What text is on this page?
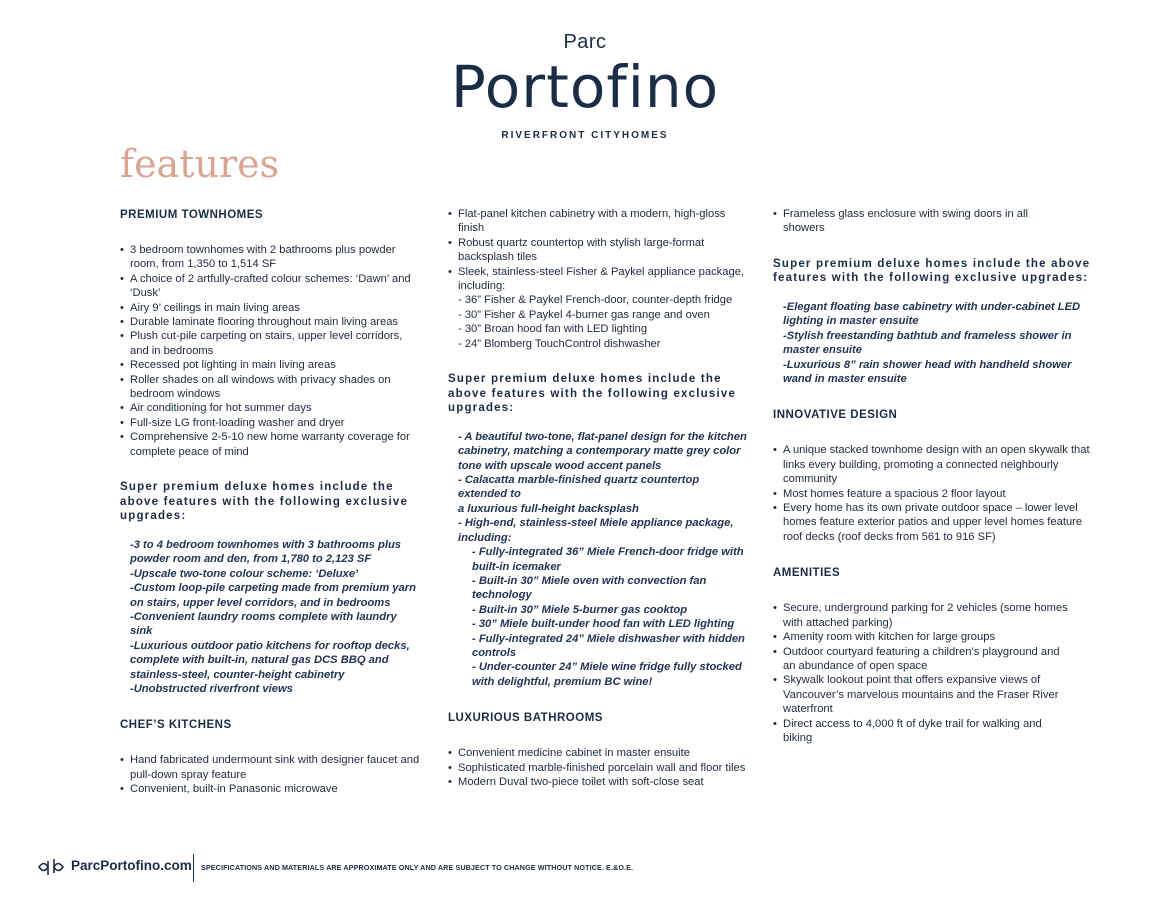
Parc
Portofino
RIVERFRONT CITYHOMES
features
PREMIUM TOWNHOMES
• 3 bedroom townhomes with 2 bathrooms plus powder room, from 1,350 to 1,514 SF
• A choice of 2 artfully-crafted colour schemes: ‘Dawn’ and ‘Dusk’
• Airy 9’ ceilings in main living areas
• Durable laminate flooring throughout main living areas
• Plush cut-pile carpeting on stairs, upper level corridors, and in bedrooms
• Recessed pot lighting in main living areas
• Roller shades on all windows with privacy shades on bedroom windows
• Air conditioning for hot summer days
• Full-size LG front-loading washer and dryer
• Comprehensive 2-5-10 new home warranty coverage for complete peace of mind
Super premium deluxe homes include the above features with the following exclusive upgrades:
-3 to 4 bedroom townhomes with 3 bathrooms plus powder room and den, from 1,780 to 2,123 SF
-Upscale two-tone colour scheme: ‘Deluxe’
-Custom loop-pile carpeting made from premium yarn on stairs, upper level corridors, and in bedrooms
-Convenient laundry rooms complete with laundry sink
-Luxurious outdoor patio kitchens for rooftop decks, complete with built-in, natural gas DCS BBQ and stainless-steel, counter-height cabinetry
-Unobstructed riverfront views
CHEF’S KITCHENS
• Hand fabricated undermount sink with designer faucet and pull-down spray feature
• Convenient, built-in Panasonic microwave
• Flat-panel kitchen cabinetry with a modern, high-gloss finish
• Robust quartz countertop with stylish large-format backsplash tiles
• Sleek, stainless-steel Fisher & Paykel appliance package, including:
- 36” Fisher & Paykel French-door, counter-depth fridge
- 30” Fisher & Paykel 4-burner gas range and oven
- 30” Broan hood fan with LED lighting
- 24” Blomberg TouchControl dishwasher
Super premium deluxe homes include the above features with the following exclusive upgrades:
- A beautiful two-tone, flat-panel design for the kitchen cabinetry, matching a contemporary matte grey color tone with upscale wood accent panels
- Calacatta marble-finished quartz countertop extended to
a luxurious full-height backsplash
- High-end, stainless-steel Miele appliance package, including:
- Fully-integrated 36” Miele French-door fridge with built-in icemaker
- Built-in 30” Miele oven with convection fan technology
- Built-in 30” Miele 5-burner gas cooktop
- 30” Miele built-under hood fan with LED lighting
- Fully-integrated 24” Miele dishwasher with hidden controls
- Under-counter 24” Miele wine fridge fully stocked with delightful, premium BC wine!
LUXURIOUS BATHROOMS
• Convenient medicine cabinet in master ensuite
• Sophisticated marble-finished porcelain wall and floor tiles
• Modern Duval two-piece toilet with soft-close seat
• Frameless glass enclosure with swing doors in all showers
Super premium deluxe homes include the above features with the following exclusive upgrades:
-Elegant floating base cabinetry with under-cabinet LED lighting in master ensuite
-Stylish freestanding bathtub and frameless shower in master ensuite
-Luxurious 8” rain shower head with handheld shower wand in master ensuite
INNOVATIVE DESIGN
• A unique stacked townhome design with an open skywalk that links every building, promoting a connected neighbourly community
• Most homes feature a spacious 2 floor layout
• Every home has its own private outdoor space – lower level homes feature exterior patios and upper level homes feature roof decks (roof decks from 561 to 916 SF)
AMENITIES
• Secure, underground parking for 2 vehicles (some homes with attached parking)
• Amenity room with kitchen for large groups
• Outdoor courtyard featuring a children’s playground and an abundance of open space
• Skywalk lookout point that offers expansive views of Vancouver’s marvelous mountains and the Fraser River waterfront
• Direct access to 4,000 ft of dyke trail for walking and biking
ParcPortofino.com SPECIFICATIONS AND MATERIALS ARE APPROXIMATE ONLY AND ARE SUBJECT TO CHANGE WITHOUT NOTICE. E.&O.E.
